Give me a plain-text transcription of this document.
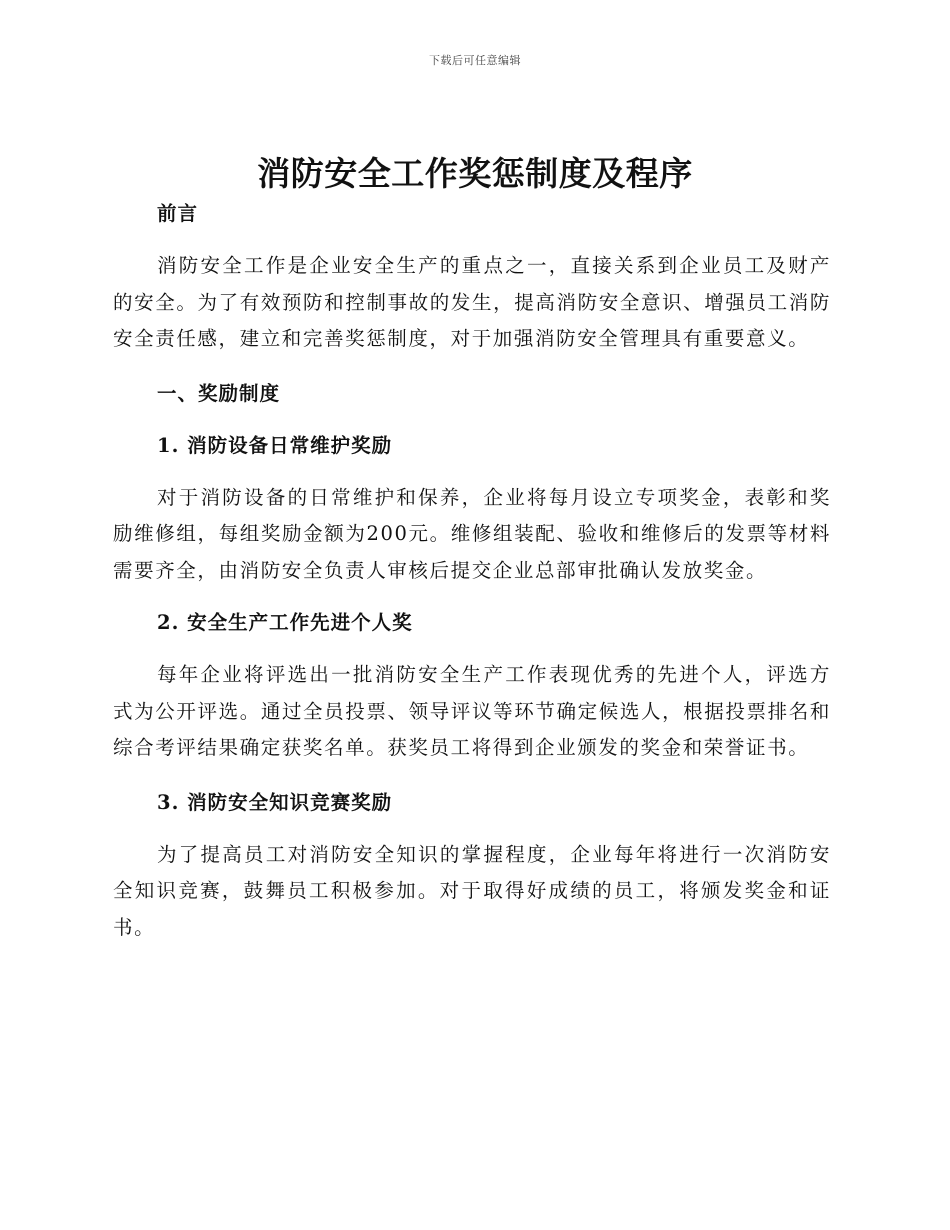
下载后可任意编辑
消防安全工作奖惩制度及程序

前言

消防安全工作是企业安全生产的重点之一，直接关系到企业员工及财产的安全。为了有效预防和控制事故的发生，提高消防安全意识、增强员工消防安全责任感，建立和完善奖惩制度，对于加强消防安全管理具有重要意义。

一、奖励制度

1. 消防设备日常维护奖励

对于消防设备的日常维护和保养，企业将每月设立专项奖金，表彰和奖励维修组，每组奖励金额为200元。维修组装配、验收和维修后的发票等材料需要齐全，由消防安全负责人审核后提交企业总部审批确认发放奖金。

2. 安全生产工作先进个人奖

每年企业将评选出一批消防安全生产工作表现优秀的先进个人，评选方式为公开评选。通过全员投票、领导评议等环节确定候选人，根据投票排名和综合考评结果确定获奖名单。获奖员工将得到企业颁发的奖金和荣誉证书。

3. 消防安全知识竞赛奖励

为了提高员工对消防安全知识的掌握程度，企业每年将进行一次消防安全知识竞赛，鼓舞员工积极参加。对于取得好成绩的员工，将颁发奖金和证书。
